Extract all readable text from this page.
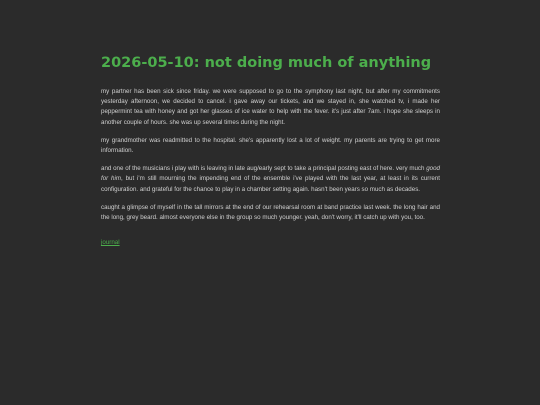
2026-05-10: not doing much of anything

my partner has been sick since friday. we were supposed to go to the symphony last night, but after my commitments yesterday afternoon, we decided to cancel. i gave away our tickets, and we stayed in, she watched tv, i made her peppermint tea with honey and got her glasses of ice water to help with the fever. it's just after 7am. i hope she sleeps in another couple of hours. she was up several times during the night.

my grandmother was readmitted to the hospital. she's apparently lost a lot of weight. my parents are trying to get more information.

and one of the musicians i play with is leaving in late aug/early sept to take a principal posting east of here. very much good for him, but i'm still mourning the impending end of the ensemble i've played with the last year, at least in its current configuration. and grateful for the chance to play in a chamber setting again. hasn't been years so much as decades.

caught a glimpse of myself in the tall mirrors at the end of our rehearsal room at band practice last week. the long hair and the long, grey beard. almost everyone else in the group so much younger. yeah, don't worry, it'll catch up with you, too.

journal
